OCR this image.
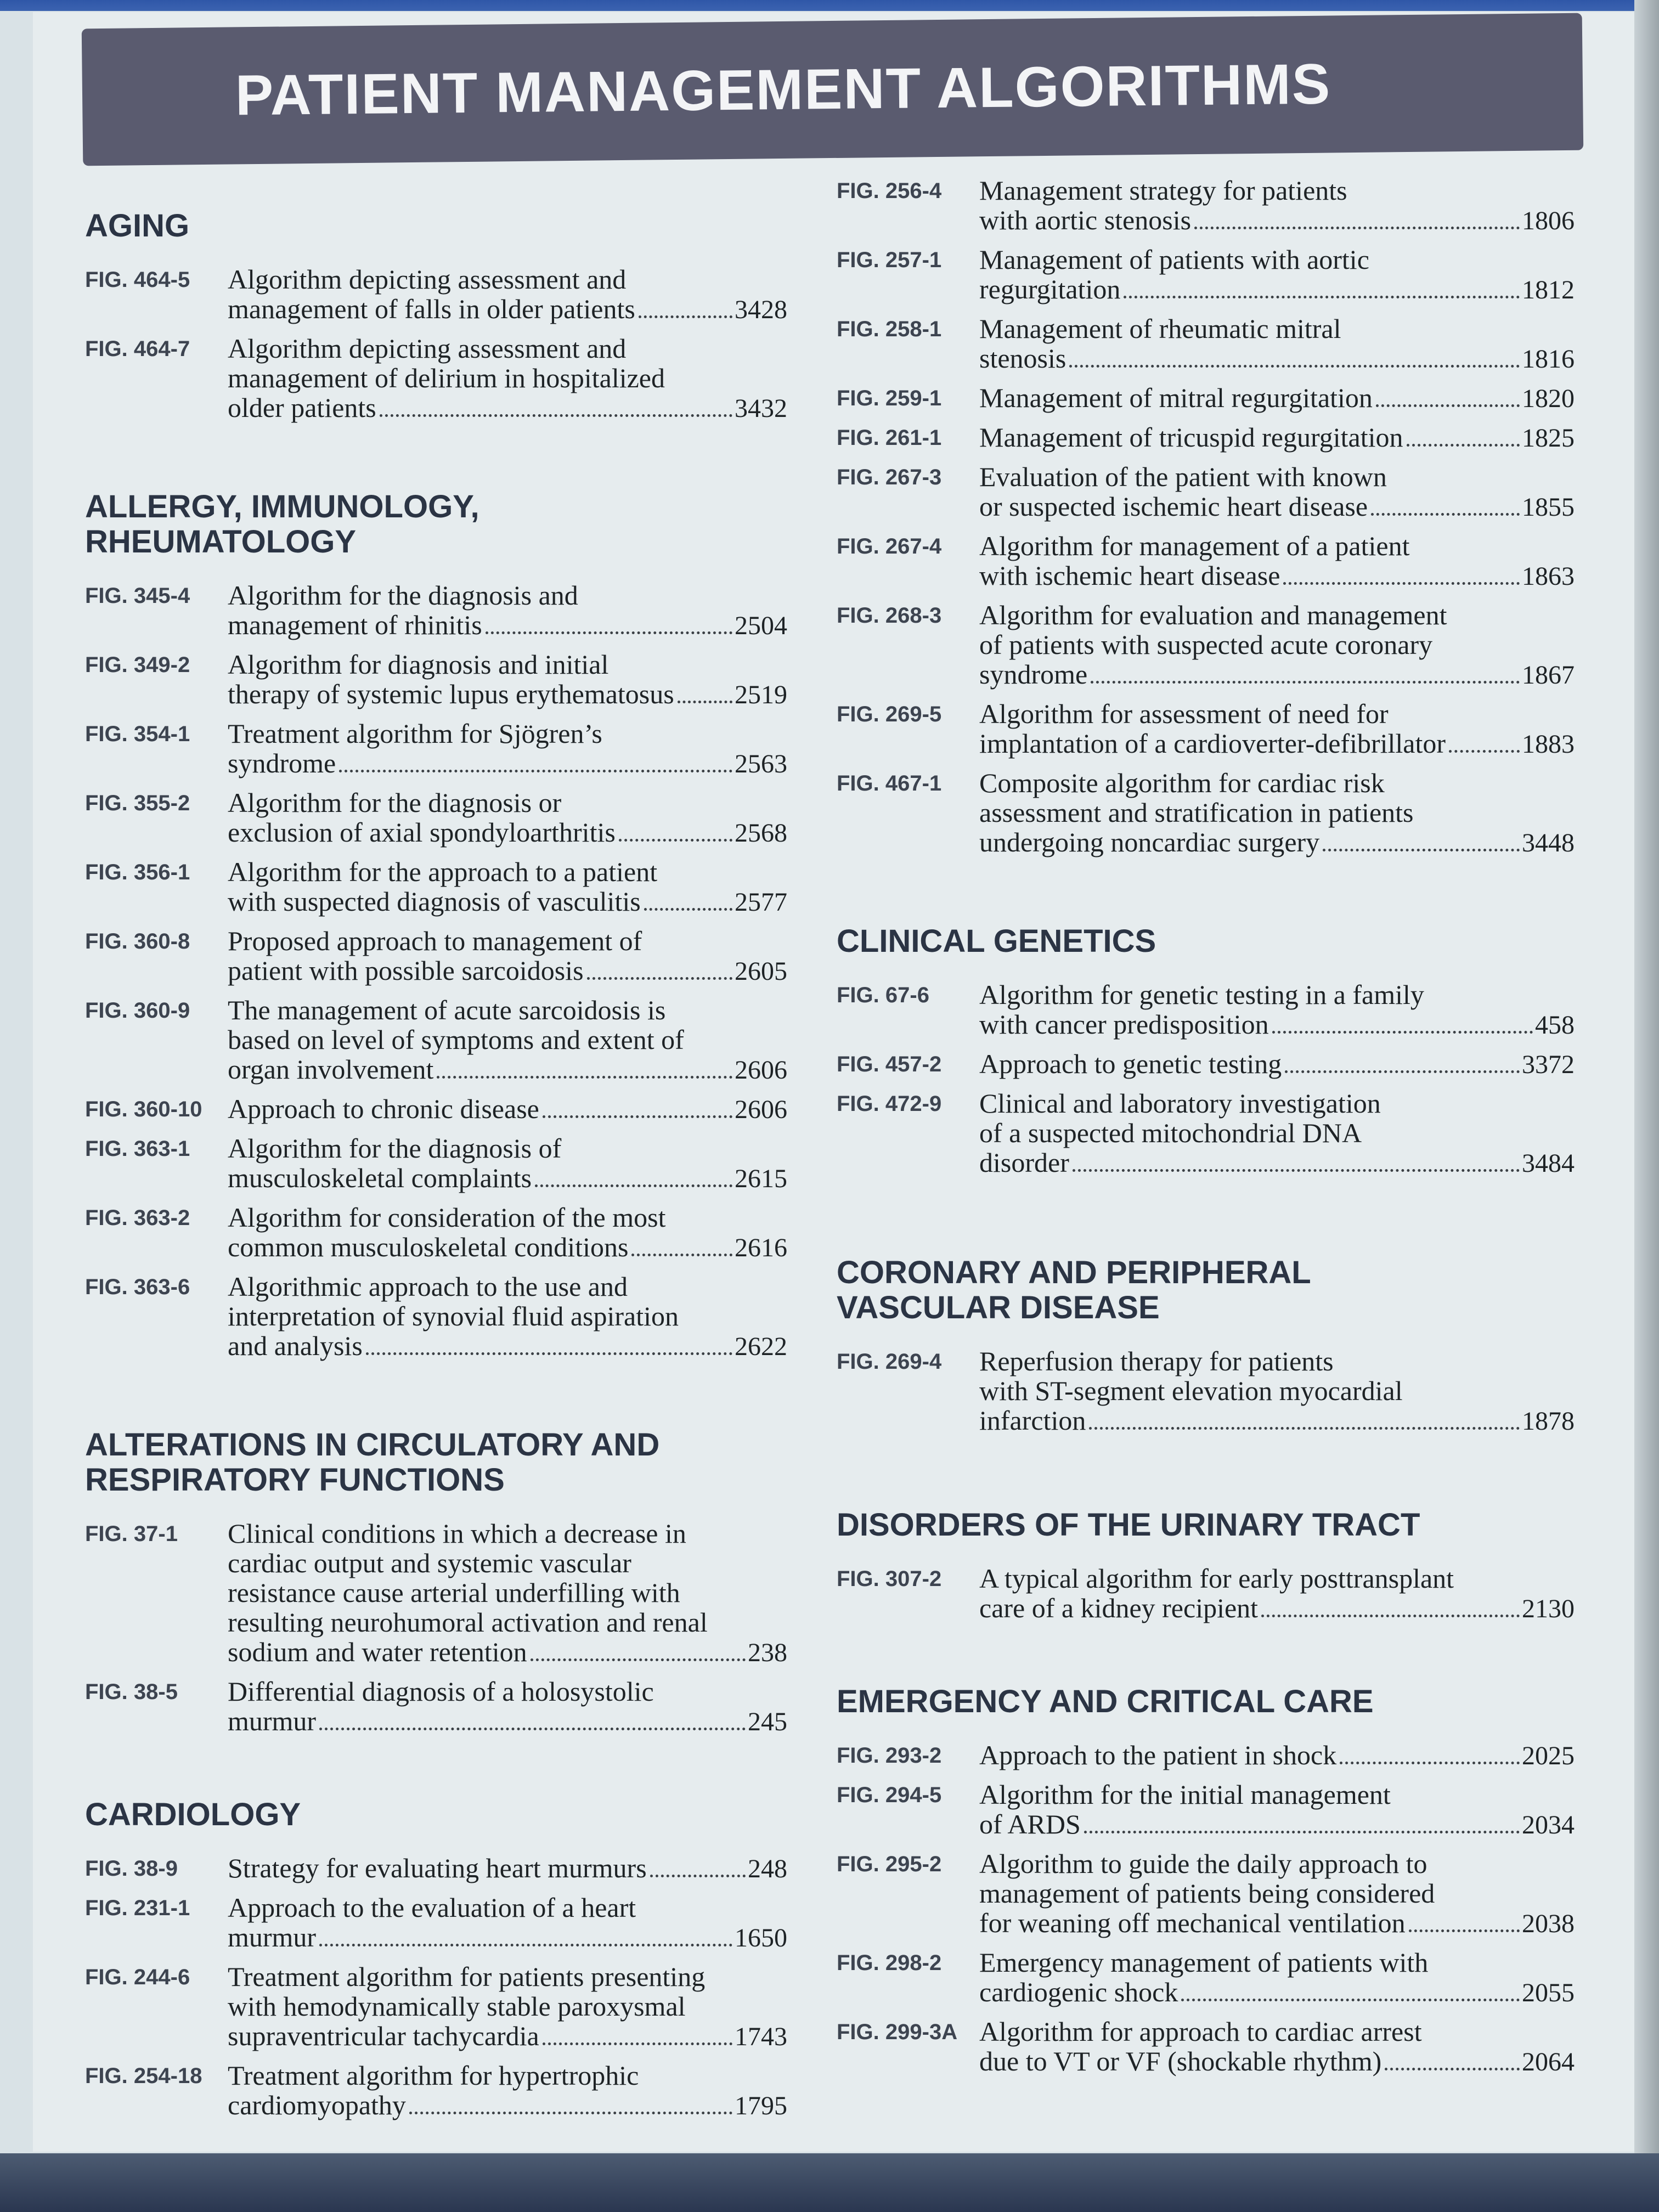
PATIENT MANAGEMENT ALGORITHMS
AGING
FIG. 464-5	Algorithm depicting assessment and
management of falls in older patients	3428
FIG. 464-7	Algorithm depicting assessment and
management of delirium in hospitalized
older patients	3432
ALLERGY, IMMUNOLOGY,
RHEUMATOLOGY
FIG. 345-4	Algorithm for the diagnosis and
management of rhinitis	2504
FIG. 349-2	Algorithm for diagnosis and initial
therapy of systemic lupus erythematosus 2519
FIG. 354-1	Treatment algorithm for Sjögren’s
syndrome	2563
FIG. 355-2	Algorithm for the diagnosis or
exclusion of axial spondyloarthritis	2568
FIG. 356-1	Algorithm for the approach to a patient
with suspected diagnosis of vasculitis	2577
FIG. 360-8	Proposed approach to management of
patient with possible sarcoidosis	2605
FIG. 360-9	The management of acute sarcoidosis is
based on level of symptoms and extent of
organ involvement	2606
FIG. 360-10 Approach to chronic disease	2606
FIG. 363-1	Algorithm for the diagnosis of
musculoskeletal complaints	2615
FIG. 363-2	Algorithm for consideration of the most
common musculoskeletal conditions	2616
FIG. 363-6	Algorithmic approach to the use and
interpretation of synovial fluid aspiration
and analysis	2622
ALTERATIONS IN CIRCULATORY AND
RESPIRATORY FUNCTIONS
FIG. 37-1	Clinical conditions in which a decrease in
cardiac output and systemic vascular
resistance cause arterial underfilling with
resulting neurohumoral activation and renal
sodium and water retention	238
FIG. 38-5	Differential diagnosis of a holosystolic
murmur	245
CARDIOLOGY
FIG. 38-9	Strategy for evaluating heart murmurs	248
FIG. 231-1	Approach to the evaluation of a heart
murmur	1650
FIG. 244-6	Treatment algorithm for patients presenting
with hemodynamically stable paroxysmal
supraventricular tachycardia	1743
FIG. 254-18 Treatment algorithm for hypertrophic
cardiomyopathy	1795
FIG. 256-4	Management strategy for patients
with aortic stenosis	1806
FIG. 257-1	Management of patients with aortic
regurgitation	1812
FIG. 258-1	Management of rheumatic mitral
stenosis	1816
FIG. 259-1	Management of mitral regurgitation	1820
FIG. 261-1	Management of tricuspid regurgitation	1825
FIG. 267-3	Evaluation of the patient with known
or suspected ischemic heart disease	1855
FIG. 267-4	Algorithm for management of a patient
with ischemic heart disease	1863
FIG. 268-3	Algorithm for evaluation and management
of patients with suspected acute coronary
syndrome	1867
FIG. 269-5	Algorithm for assessment of need for
implantation of a cardioverter-defibrillator	1883
FIG. 467-1	Composite algorithm for cardiac risk
assessment and stratification in patients
undergoing noncardiac surgery	3448
CLINICAL GENETICS
FIG. 67-6	Algorithm for genetic testing in a family
with cancer predisposition	458
FIG. 457-2	Approach to genetic testing	3372
FIG. 472-9	Clinical and laboratory investigation
of a suspected mitochondrial DNA
disorder	3484
CORONARY AND PERIPHERAL
VASCULAR DISEASE
FIG. 269-4	Reperfusion therapy for patients
with ST-segment elevation myocardial
infarction	1878
DISORDERS OF THE URINARY TRACT
FIG. 307-2	A typical algorithm for early posttransplant
care of a kidney recipient	2130
EMERGENCY AND CRITICAL CARE
FIG. 293-2	Approach to the patient in shock	2025
FIG. 294-5	Algorithm for the initial management
of ARDS	2034
FIG. 295-2	Algorithm to guide the daily approach to
management of patients being considered
for weaning off mechanical ventilation	2038
FIG. 298-2	Emergency management of patients with
cardiogenic shock	2055
FIG. 299-3A Algorithm for approach to cardiac arrest
due to VT or VF (shockable rhythm)	2064
